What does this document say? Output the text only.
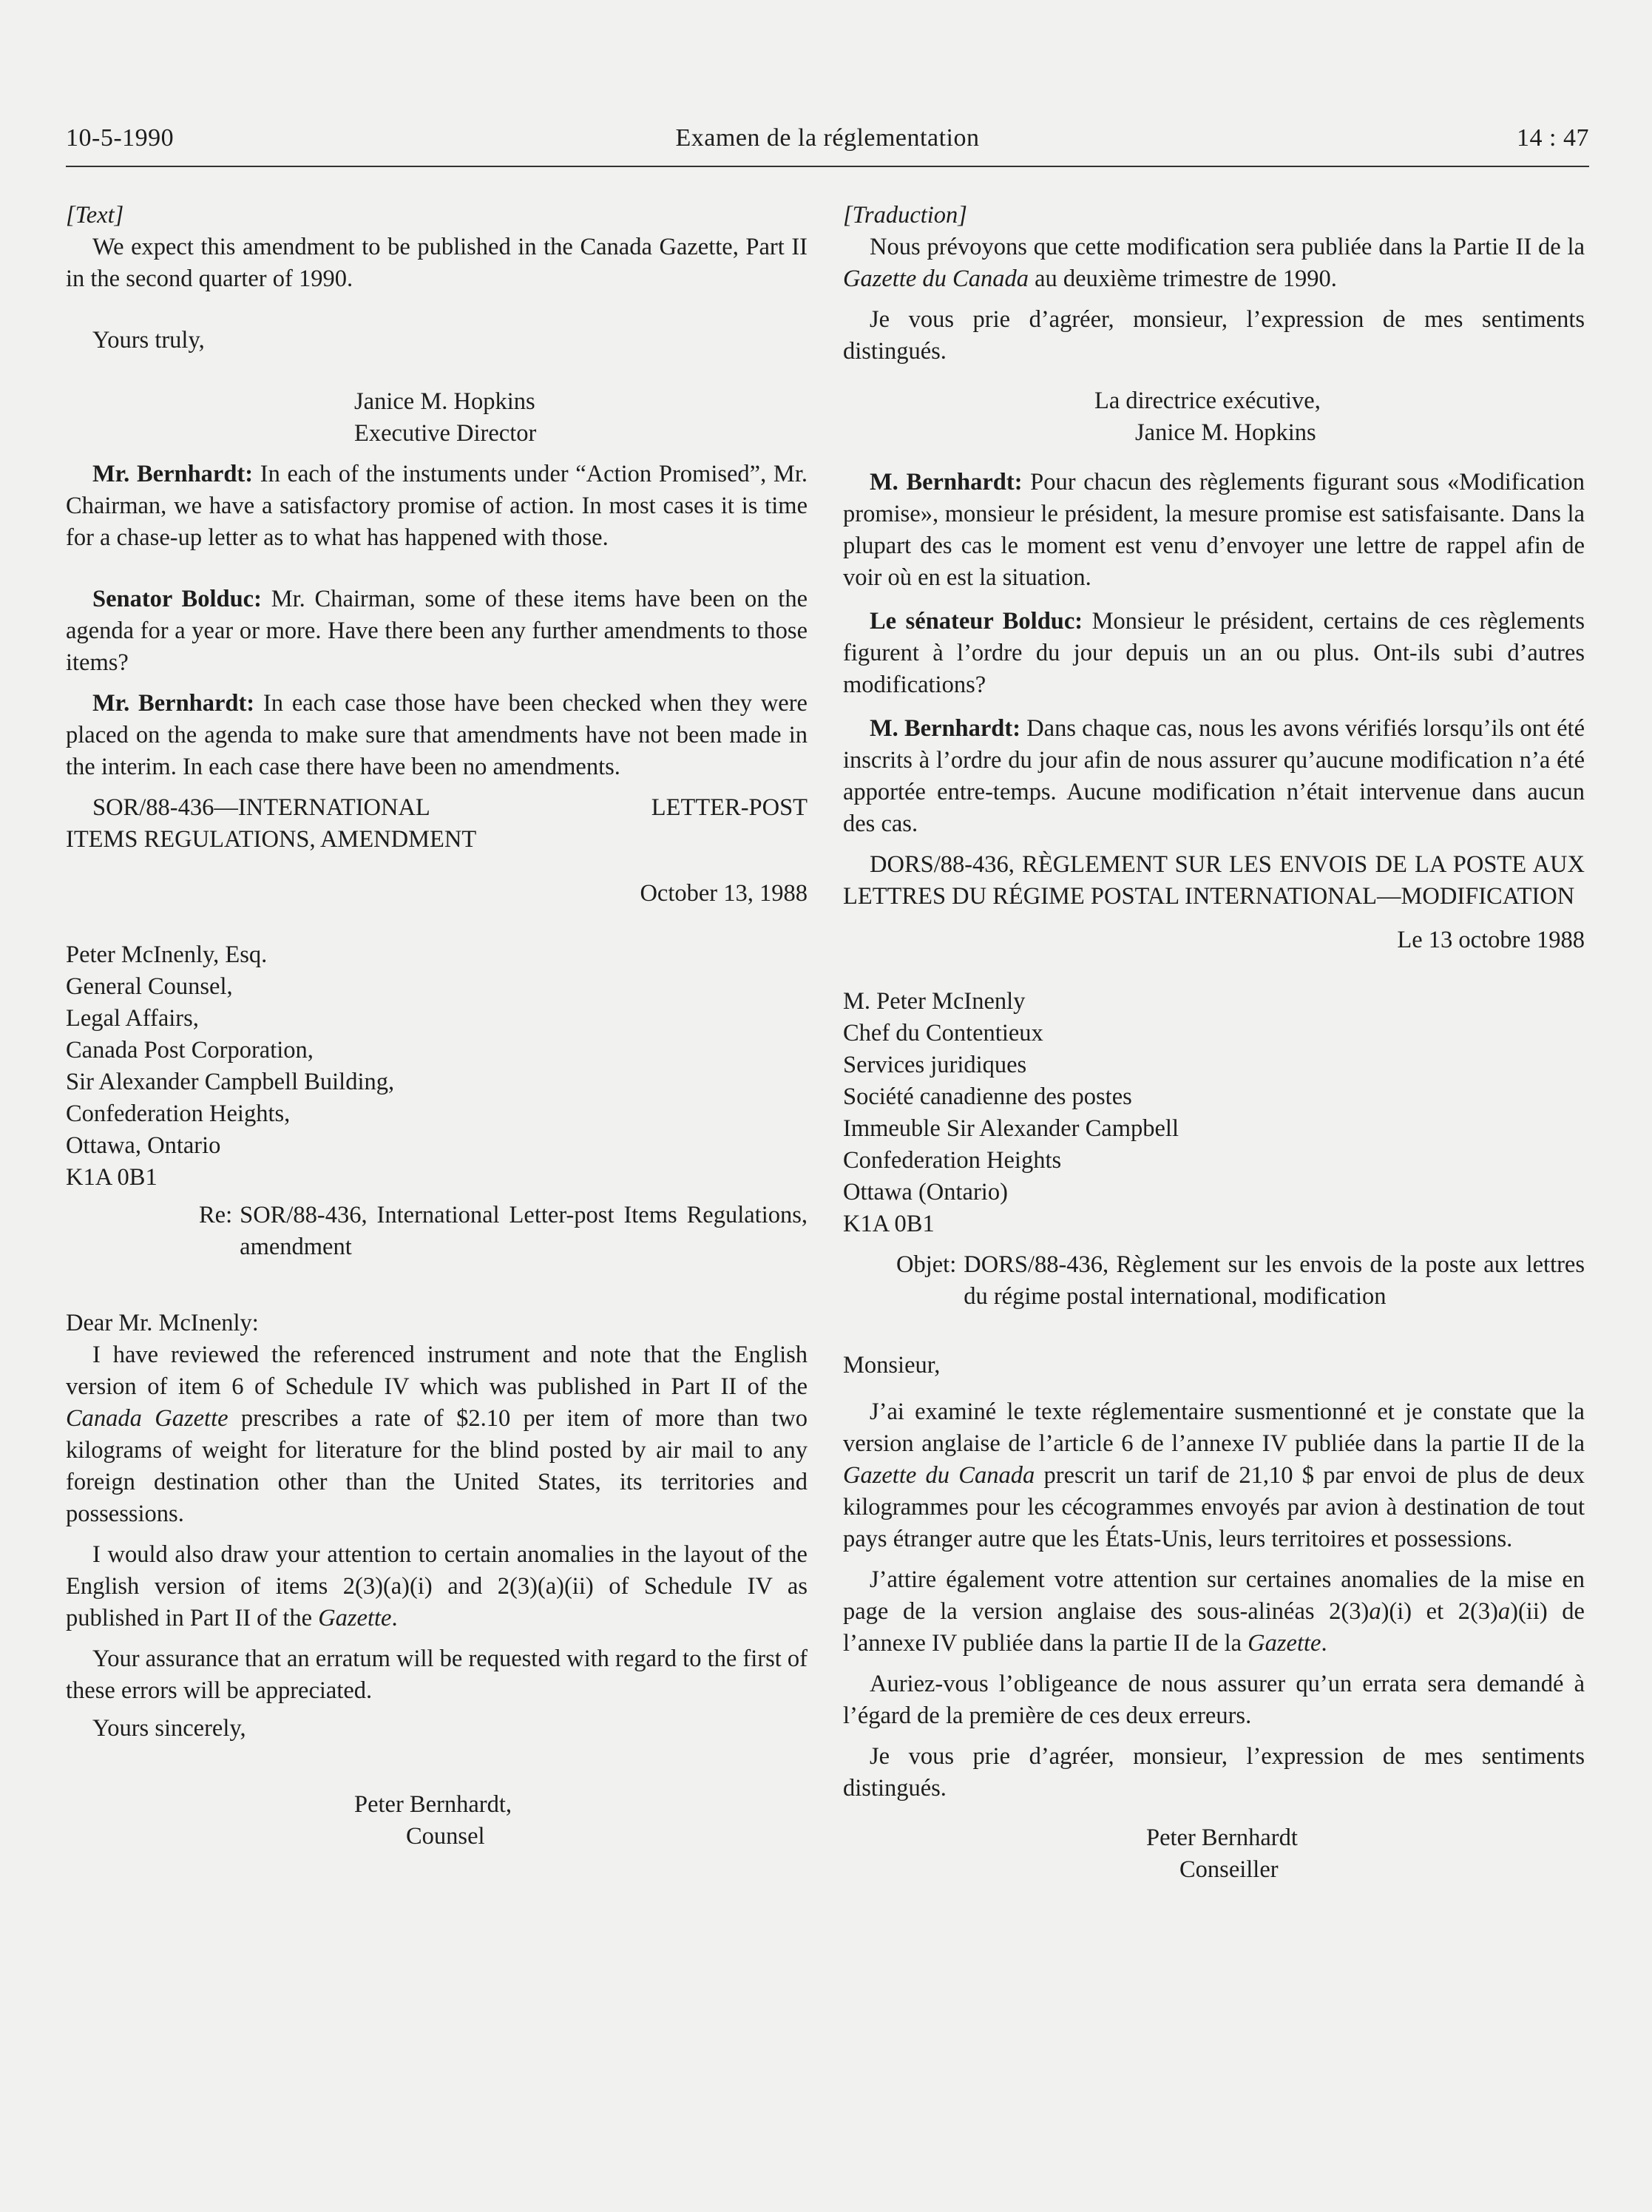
10-5-1990	Examen de la réglementation	14 : 47

[Text]

We expect this amendment to be published in the Canada Gazette, Part II in the second quarter of 1990.

Yours truly,

Janice M. Hopkins

Executive Director

Mr. Bernhardt: In each of the instuments under “Action Promised”, Mr. Chairman, we have a satisfactory promise of action. In most cases it is time for a chase-up letter as to what has happened with those.

Senator Bolduc: Mr. Chairman, some of these items have been on the agenda for a year or more. Have there been any further amendments to those items?

Mr. Bernhardt: In each case those have been checked when they were placed on the agenda to make sure that amendments have not been made in the interim. In each case there have been no amendments.

SOR/88-436—INTERNATIONAL	LETTER-POST
ITEMS REGULATIONS, AMENDMENT

October 13, 1988

Peter McInenly, Esq.
General Counsel,
Legal Affairs,
Canada Post Corporation,
Sir Alexander Campbell Building,
Confederation Heights,
Ottawa, Ontario
K1A 0B1
Re: SOR/88-436, International Letter-post Items Regulations, amendment

Dear Mr. McInenly:

I have reviewed the referenced instrument and note that the English version of item 6 of Schedule IV which was published in Part II of the Canada Gazette prescribes a rate of $2.10 per item of more than two kilograms of weight for literature for the blind posted by air mail to any foreign destination other than the United States, its territories and possessions.

I would also draw your attention to certain anomalies in the layout of the English version of items 2(3)(a)(i) and 2(3)(a)(ii) of Schedule IV as published in Part II of the Gazette.

Your assurance that an erratum will be requested with regard to the first of these errors will be appreciated.

Yours sincerely,

Peter Bernhardt,

Counsel

[Traduction]

Nous prévoyons que cette modification sera publiée dans la Partie II de la Gazette du Canada au deuxième trimestre de 1990.

Je vous prie d’agréer, monsieur, l’expression de mes sentiments distingués.

La directrice exécutive,

Janice M. Hopkins

M. Bernhardt: Pour chacun des règlements figurant sous «Modification promise», monsieur le président, la mesure promise est satisfaisante. Dans la plupart des cas le moment est venu d’envoyer une lettre de rappel afin de voir où en est la situation.

Le sénateur Bolduc: Monsieur le président, certains de ces règlements figurent à l’ordre du jour depuis un an ou plus. Ont-ils subi d’autres modifications?

M. Bernhardt: Dans chaque cas, nous les avons vérifiés lorsqu’ils ont été inscrits à l’ordre du jour afin de nous assurer qu’aucune modification n’a été apportée entre-temps. Aucune modification n’était intervenue dans aucun des cas.

DORS/88-436, RÈGLEMENT SUR LES ENVOIS DE LA POSTE AUX LETTRES DU RÉGIME POSTAL INTERNATIONAL—MODIFICATION

Le 13 octobre 1988

M. Peter McInenly
Chef du Contentieux
Services juridiques
Société canadienne des postes
Immeuble Sir Alexander Campbell
Confederation Heights
Ottawa (Ontario)
K1A 0B1
Objet: DORS/88-436, Règlement sur les envois de la poste aux lettres du régime postal international, modification

Monsieur,

J’ai examiné le texte réglementaire susmentionné et je constate que la version anglaise de l’article 6 de l’annexe IV publiée dans la partie II de la Gazette du Canada prescrit un tarif de 21,10 $ par envoi de plus de deux kilogrammes pour les cécogrammes envoyés par avion à destination de tout pays étranger autre que les États-Unis, leurs territoires et possessions.

J’attire également votre attention sur certaines anomalies de la mise en page de la version anglaise des sous-alinéas 2(3)a)(i) et 2(3)a)(ii) de l’annexe IV publiée dans la partie II de la Gazette.

Auriez-vous l’obligeance de nous assurer qu’un errata sera demandé à l’égard de la première de ces deux erreurs.

Je vous prie d’agréer, monsieur, l’expression de mes sentiments distingués.

Peter Bernhardt

Conseiller
